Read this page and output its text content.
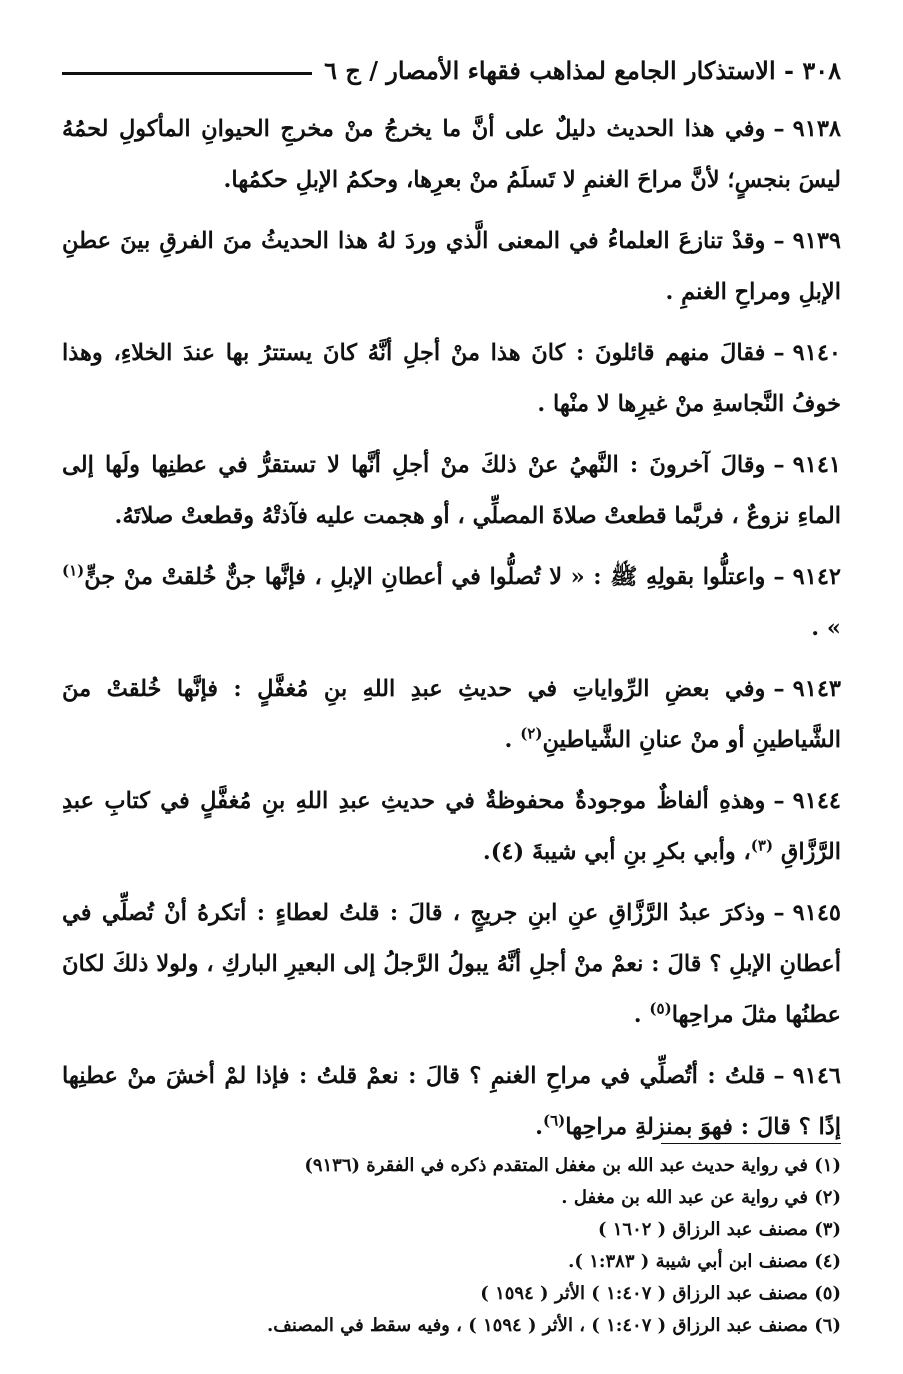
٣٠٨ - الاستذكار الجامع لمذاهب فقهاء الأمصار / ج ٦

٩١٣٨–وفي هذا الحديث دليلٌ على أنَّ ما يخرجُ منْ مخرجِ الحيوانِ المأكولِ لحمُهُ ليسَ بنجسٍ؛ لأنَّ مراحَ الغنمِ لا تَسلَمُ منْ بعرِها، وحكمُ الإبلِ حكمُها.

٩١٣٩–وقدْ تنازعَ العلماءُ في المعنى الَّذي وردَ لهُ هذا الحديثُ منَ الفرقِ بينَ عطنِ الإبلِ ومراحِ الغنمِ .

٩١٤٠–فقالَ منهم قائلونَ : كانَ هذا منْ أجلِ أنَّهُ كانَ يستترُ بها عندَ الخلاءِ، وهذا خوفُ النَّجاسةِ منْ غيرِها لا منْها .

٩١٤١–وقالَ آخرونَ : النَّهيُ عنْ ذلكَ منْ أجلِ أنَّها لا تستقرُّ في عطنِها ولَها إلى الماءِ نزوعٌ ، فربَّما قطعتْ صلاةَ المصلِّي ، أو هجمت عليه فآذتْهُ وقطعتْ صلاتَهُ.

٩١٤٢–واعتلُّوا بقولِهِ ﷺ : « لا تُصلُّوا في أعطانِ الإبلِ ، فإنَّها جنٌّ خُلقتْ منْ جنٍّ$^{(١)}$ » .

٩١٤٣–وفي بعضِ الرِّواياتِ في حديثِ عبدِ اللهِ بنِ مُغفَّلٍ : فإنَّها خُلقتْ منَ الشَّياطينِ أو منْ عنانِ الشَّياطينِ$^{(٢)}$ .

٩١٤٤–وهذهِ ألفاظٌ موجودةٌ محفوظةٌ في حديثِ عبدِ اللهِ بنِ مُغفَّلٍ في كتابِ عبدِ الرَّزَّاقِ $^{(٣)}$، وأبي بكرِ بنِ أبي شيبةَ (٤).

٩١٤٥–وذكرَ عبدُ الرَّزَّاقِ عنِ ابنِ جريجٍ ، قالَ : قلتُ لعطاءٍ : أتكرهُ أنْ تُصلِّي في أعطانِ الإبلِ ؟ قالَ : نعمْ منْ أجلِ أنَّهُ يبولُ الرَّجلُ إلى البعيرِ الباركِ ، ولولا ذلكَ لكانَ عطنُها مثلَ مراحِها$^{(٥)}$ .

٩١٤٦–قلتُ : أتُصلِّي في مراحِ الغنمِ ؟ قالَ : نعمْ قلتُ : فإذا لمْ أخشَ منْ عطنِها إذًا ؟ قالَ : فهوَ بمنزلةِ مراحِها$^{(٦)}$.

(١) في رواية حديث عبد الله بن مغفل المتقدم ذكره في الفقرة (٩١٣٦)

(٢) في رواية عن عبد الله بن مغفل .

(٣) مصنف عبد الرزاق ( ١٦٠٢ )

(٤) مصنف ابن أبي شيبة ( ١:٣٨٣ ).

(٥) مصنف عبد الرزاق ( ١:٤٠٧ ) الأثر ( ١٥٩٤ )

(٦) مصنف عبد الرزاق ( ١:٤٠٧ ) ، الأثر ( ١٥٩٤ ) ، وفيه سقط في المصنف.
